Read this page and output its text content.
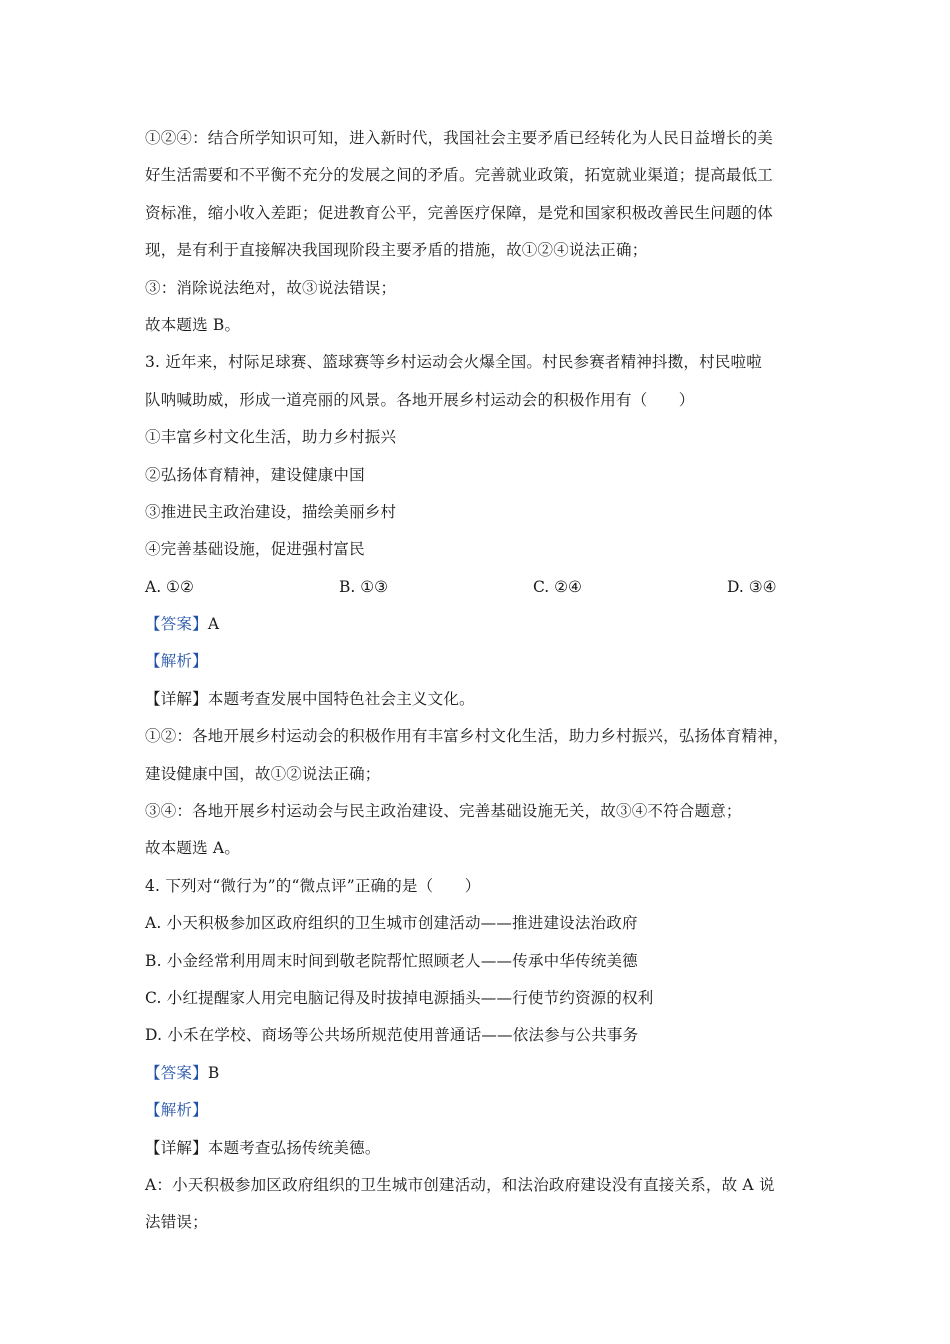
①②④：结合所学知识可知，进入新时代，我国社会主要矛盾已经转化为人民日益增长的美
好生活需要和不平衡不充分的发展之间的矛盾。完善就业政策，拓宽就业渠道；提高最低工
资标准，缩小收入差距；促进教育公平，完善医疗保障，是党和国家积极改善民生问题的体
现，是有利于直接解决我国现阶段主要矛盾的措施，故①②④说法正确；
③：消除说法绝对，故③说法错误；
故本题选 B。
3. 近年来，村际足球赛、篮球赛等乡村运动会火爆全国。村民参赛者精神抖擞，村民啦啦
队呐喊助威，形成一道亮丽的风景。各地开展乡村运动会的积极作用有（　　）
①丰富乡村文化生活，助力乡村振兴
②弘扬体育精神，建设健康中国
③推进民主政治建设，描绘美丽乡村
④完善基础设施，促进强村富民
A. ①②	B. ①③	C. ②④	D. ③④
【答案】A
【解析】
【详解】本题考查发展中国特色社会主义文化。
①②：各地开展乡村运动会的积极作用有丰富乡村文化生活，助力乡村振兴，弘扬体育精神，
建设健康中国，故①②说法正确；
③④：各地开展乡村运动会与民主政治建设、完善基础设施无关，故③④不符合题意；
故本题选 A。
4. 下列对“微行为”的“微点评”正确的是（　　）
A. 小天积极参加区政府组织的卫生城市创建活动——推进建设法治政府
B. 小金经常利用周末时间到敬老院帮忙照顾老人——传承中华传统美德
C. 小红提醒家人用完电脑记得及时拔掉电源插头——行使节约资源的权利
D. 小禾在学校、商场等公共场所规范使用普通话——依法参与公共事务
【答案】B
【解析】
【详解】本题考查弘扬传统美德。
A：小天积极参加区政府组织的卫生城市创建活动，和法治政府建设没有直接关系，故 A 说
法错误；
